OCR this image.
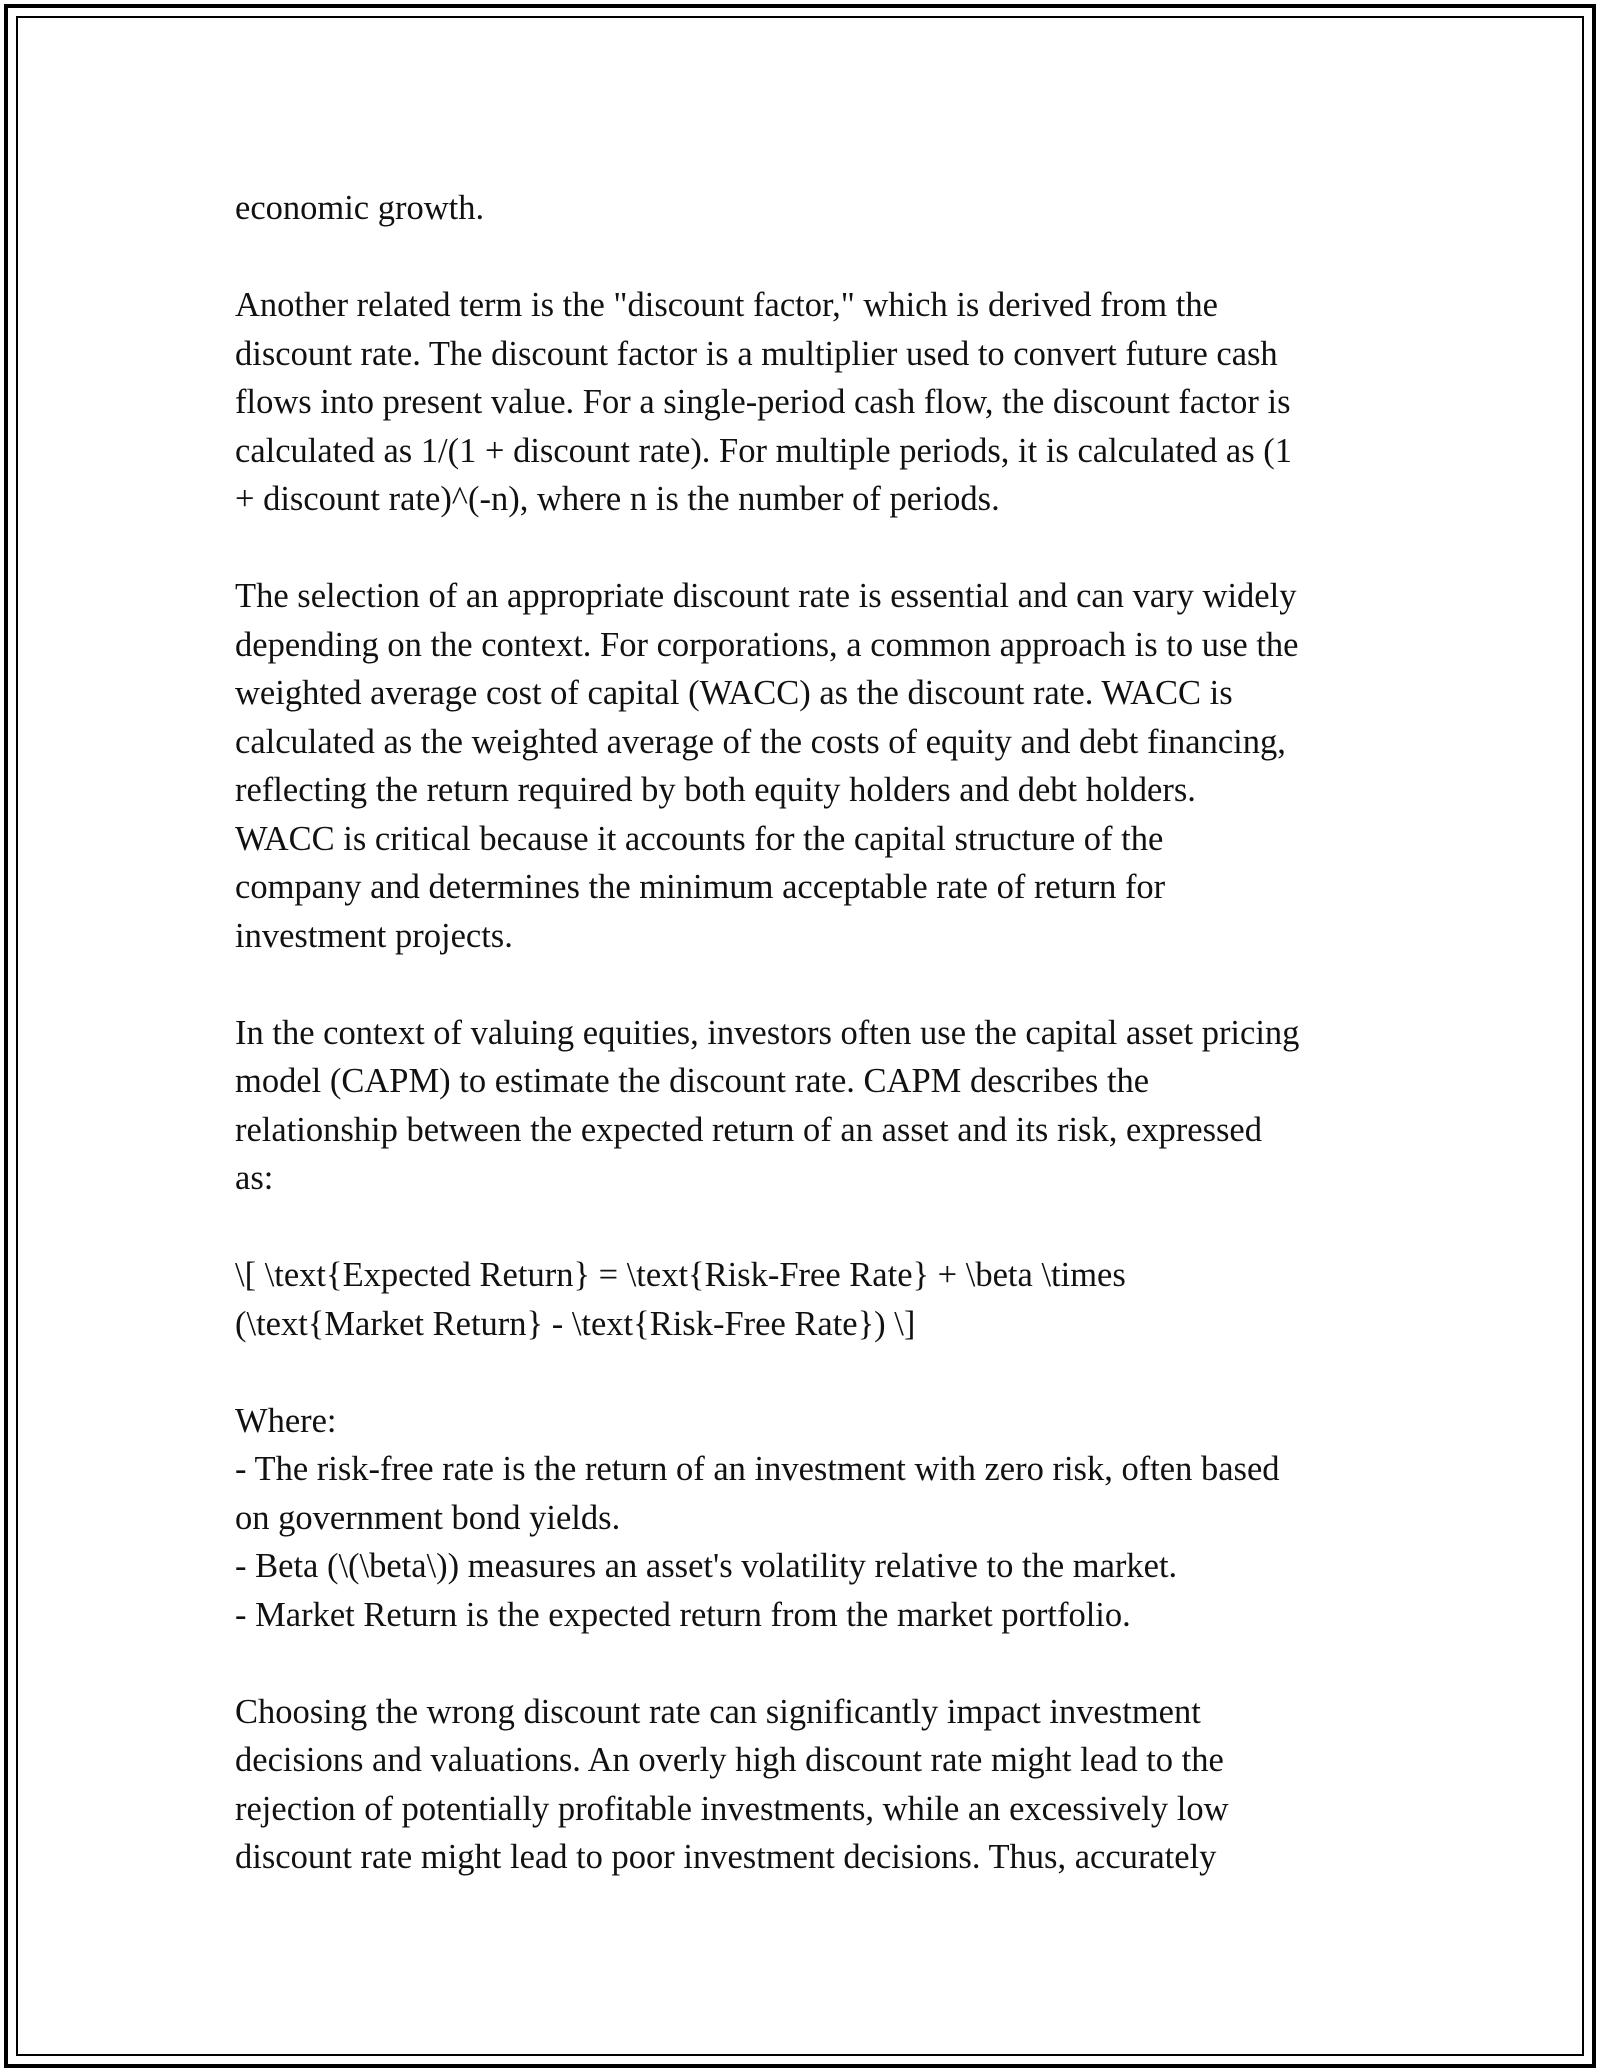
economic growth.
Another related term is the "discount factor," which is derived from the
discount rate. The discount factor is a multiplier used to convert future cash
flows into present value. For a single-period cash flow, the discount factor is
calculated as 1/(1 + discount rate). For multiple periods, it is calculated as (1
+ discount rate)^(-n), where n is the number of periods.
The selection of an appropriate discount rate is essential and can vary widely
depending on the context. For corporations, a common approach is to use the
weighted average cost of capital (WACC) as the discount rate. WACC is
calculated as the weighted average of the costs of equity and debt financing,
reflecting the return required by both equity holders and debt holders.
WACC is critical because it accounts for the capital structure of the
company and determines the minimum acceptable rate of return for
investment projects.
In the context of valuing equities, investors often use the capital asset pricing
model (CAPM) to estimate the discount rate. CAPM describes the
relationship between the expected return of an asset and its risk, expressed
as:
\[ \text{Expected Return} = \text{Risk-Free Rate} + \beta \times
(\text{Market Return} - \text{Risk-Free Rate}) \]
Where:
- The risk-free rate is the return of an investment with zero risk, often based
on government bond yields.
- Beta (\(\beta\)) measures an asset's volatility relative to the market.
- Market Return is the expected return from the market portfolio.
Choosing the wrong discount rate can significantly impact investment
decisions and valuations. An overly high discount rate might lead to the
rejection of potentially profitable investments, while an excessively low
discount rate might lead to poor investment decisions. Thus, accurately
